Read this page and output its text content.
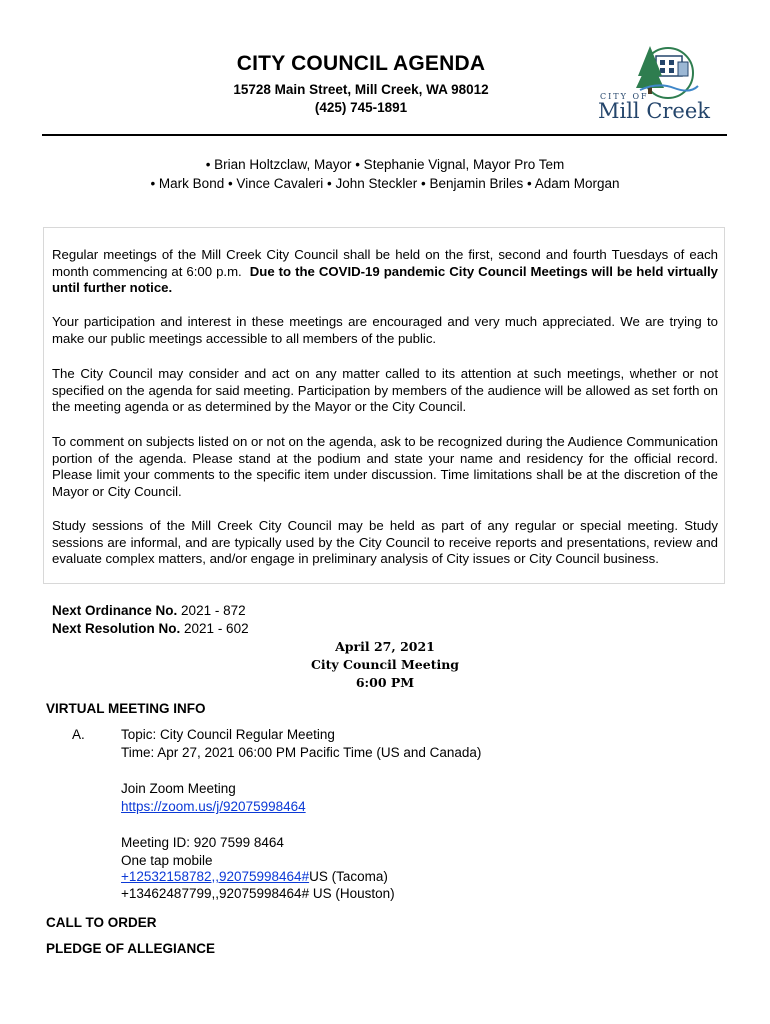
CITY COUNCIL AGENDA
15728 Main Street, Mill Creek, WA 98012
(425) 745-1891
CITY OF
Mill Creek
• Brian Holtzclaw, Mayor • Stephanie Vignal, Mayor Pro Tem
• Mark Bond • Vince Cavaleri • John Steckler • Benjamin Briles • Adam Morgan
Regular meetings of the Mill Creek City Council shall be held on the first, second and fourth Tuesdays of each month commencing at 6:00 p.m. Due to the COVID-19 pandemic City Council Meetings will be held virtually until further notice.
Your participation and interest in these meetings are encouraged and very much appreciated. We are trying to make our public meetings accessible to all members of the public.
The City Council may consider and act on any matter called to its attention at such meetings, whether or not specified on the agenda for said meeting. Participation by members of the audience will be allowed as set forth on the meeting agenda or as determined by the Mayor or the City Council.
To comment on subjects listed on or not on the agenda, ask to be recognized during the Audience Communication portion of the agenda. Please stand at the podium and state your name and residency for the official record. Please limit your comments to the specific item under discussion. Time limitations shall be at the discretion of the Mayor or City Council.
Study sessions of the Mill Creek City Council may be held as part of any regular or special meeting. Study sessions are informal, and are typically used by the City Council to receive reports and presentations, review and evaluate complex matters, and/or engage in preliminary analysis of City issues or City Council business.
Next Ordinance No. 2021 - 872
Next Resolution No. 2021 - 602
April 27, 2021
City Council Meeting
6:00 PM
VIRTUAL MEETING INFO
A.	Topic: City Council Regular Meeting
Time: Apr 27, 2021 06:00 PM Pacific Time (US and Canada)
Join Zoom Meeting
https://zoom.us/j/92075998464
Meeting ID: 920 7599 8464
One tap mobile
+12532158782,,92075998464#US (Tacoma)
+13462487799,,92075998464# US (Houston)
CALL TO ORDER
PLEDGE OF ALLEGIANCE
